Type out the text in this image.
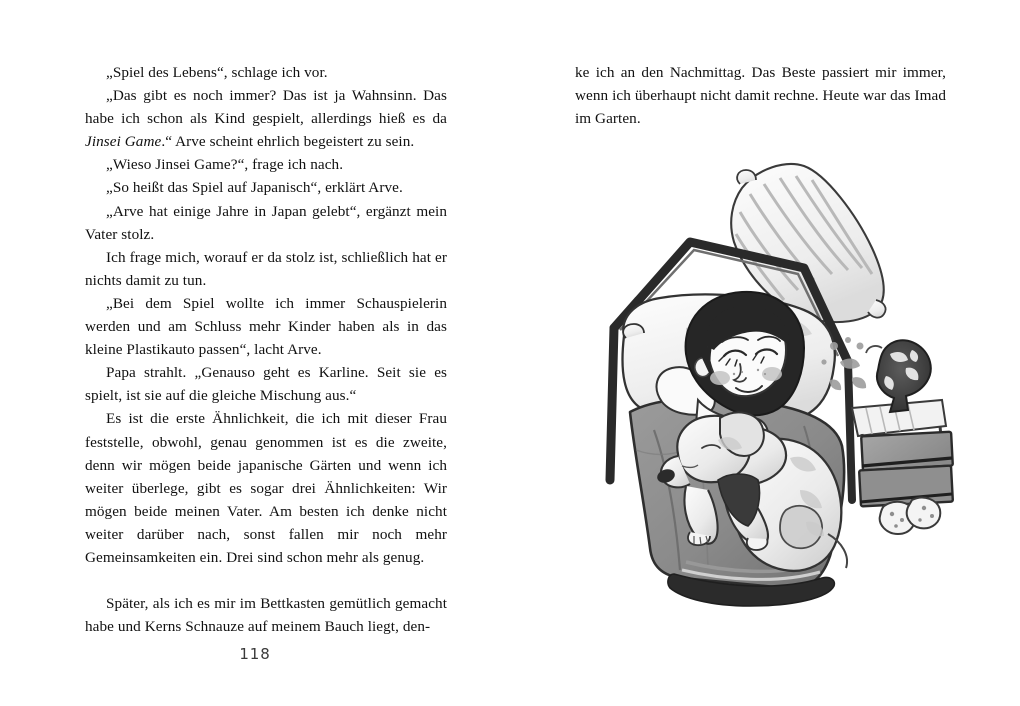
„Spiel des Lebens“, schlage ich vor.

„Das gibt es noch immer? Das ist ja Wahnsinn. Das habe ich schon als Kind gespielt, allerdings hieß es da Jinsei Game.“ Arve scheint ehrlich begeistert zu sein.

„Wieso Jinsei Game?“, frage ich nach.

„So heißt das Spiel auf Japanisch“, erklärt Arve.

„Arve hat einige Jahre in Japan gelebt“, ergänzt mein Vater stolz.

Ich frage mich, worauf er da stolz ist, schließlich hat er nichts damit zu tun.

„Bei dem Spiel wollte ich immer Schauspielerin werden und am Schluss mehr Kinder haben als in das kleine Plastikauto passen“, lacht Arve.

Papa strahlt. „Genauso geht es Karline. Seit sie es spielt, ist sie auf die gleiche Mischung aus.“

Es ist die erste Ähnlichkeit, die ich mit dieser Frau feststelle, obwohl, genau genommen ist es die zweite, denn wir mögen beide japanische Gärten und wenn ich weiter überlege, gibt es sogar drei Ähnlichkeiten: Wir mögen beide meinen Vater. Am besten ich denke nicht weiter darüber nach, sonst fallen mir noch mehr Gemeinsamkeiten ein. Drei sind schon mehr als genug.

Später, als ich es mir im Bettkasten gemütlich gemacht habe und Kerns Schnauze auf meinem Bauch liegt, den-

118

ke ich an den Nachmittag. Das Beste passiert mir immer, wenn ich überhaupt nicht damit rechne. Heute war das Imad im Garten.
